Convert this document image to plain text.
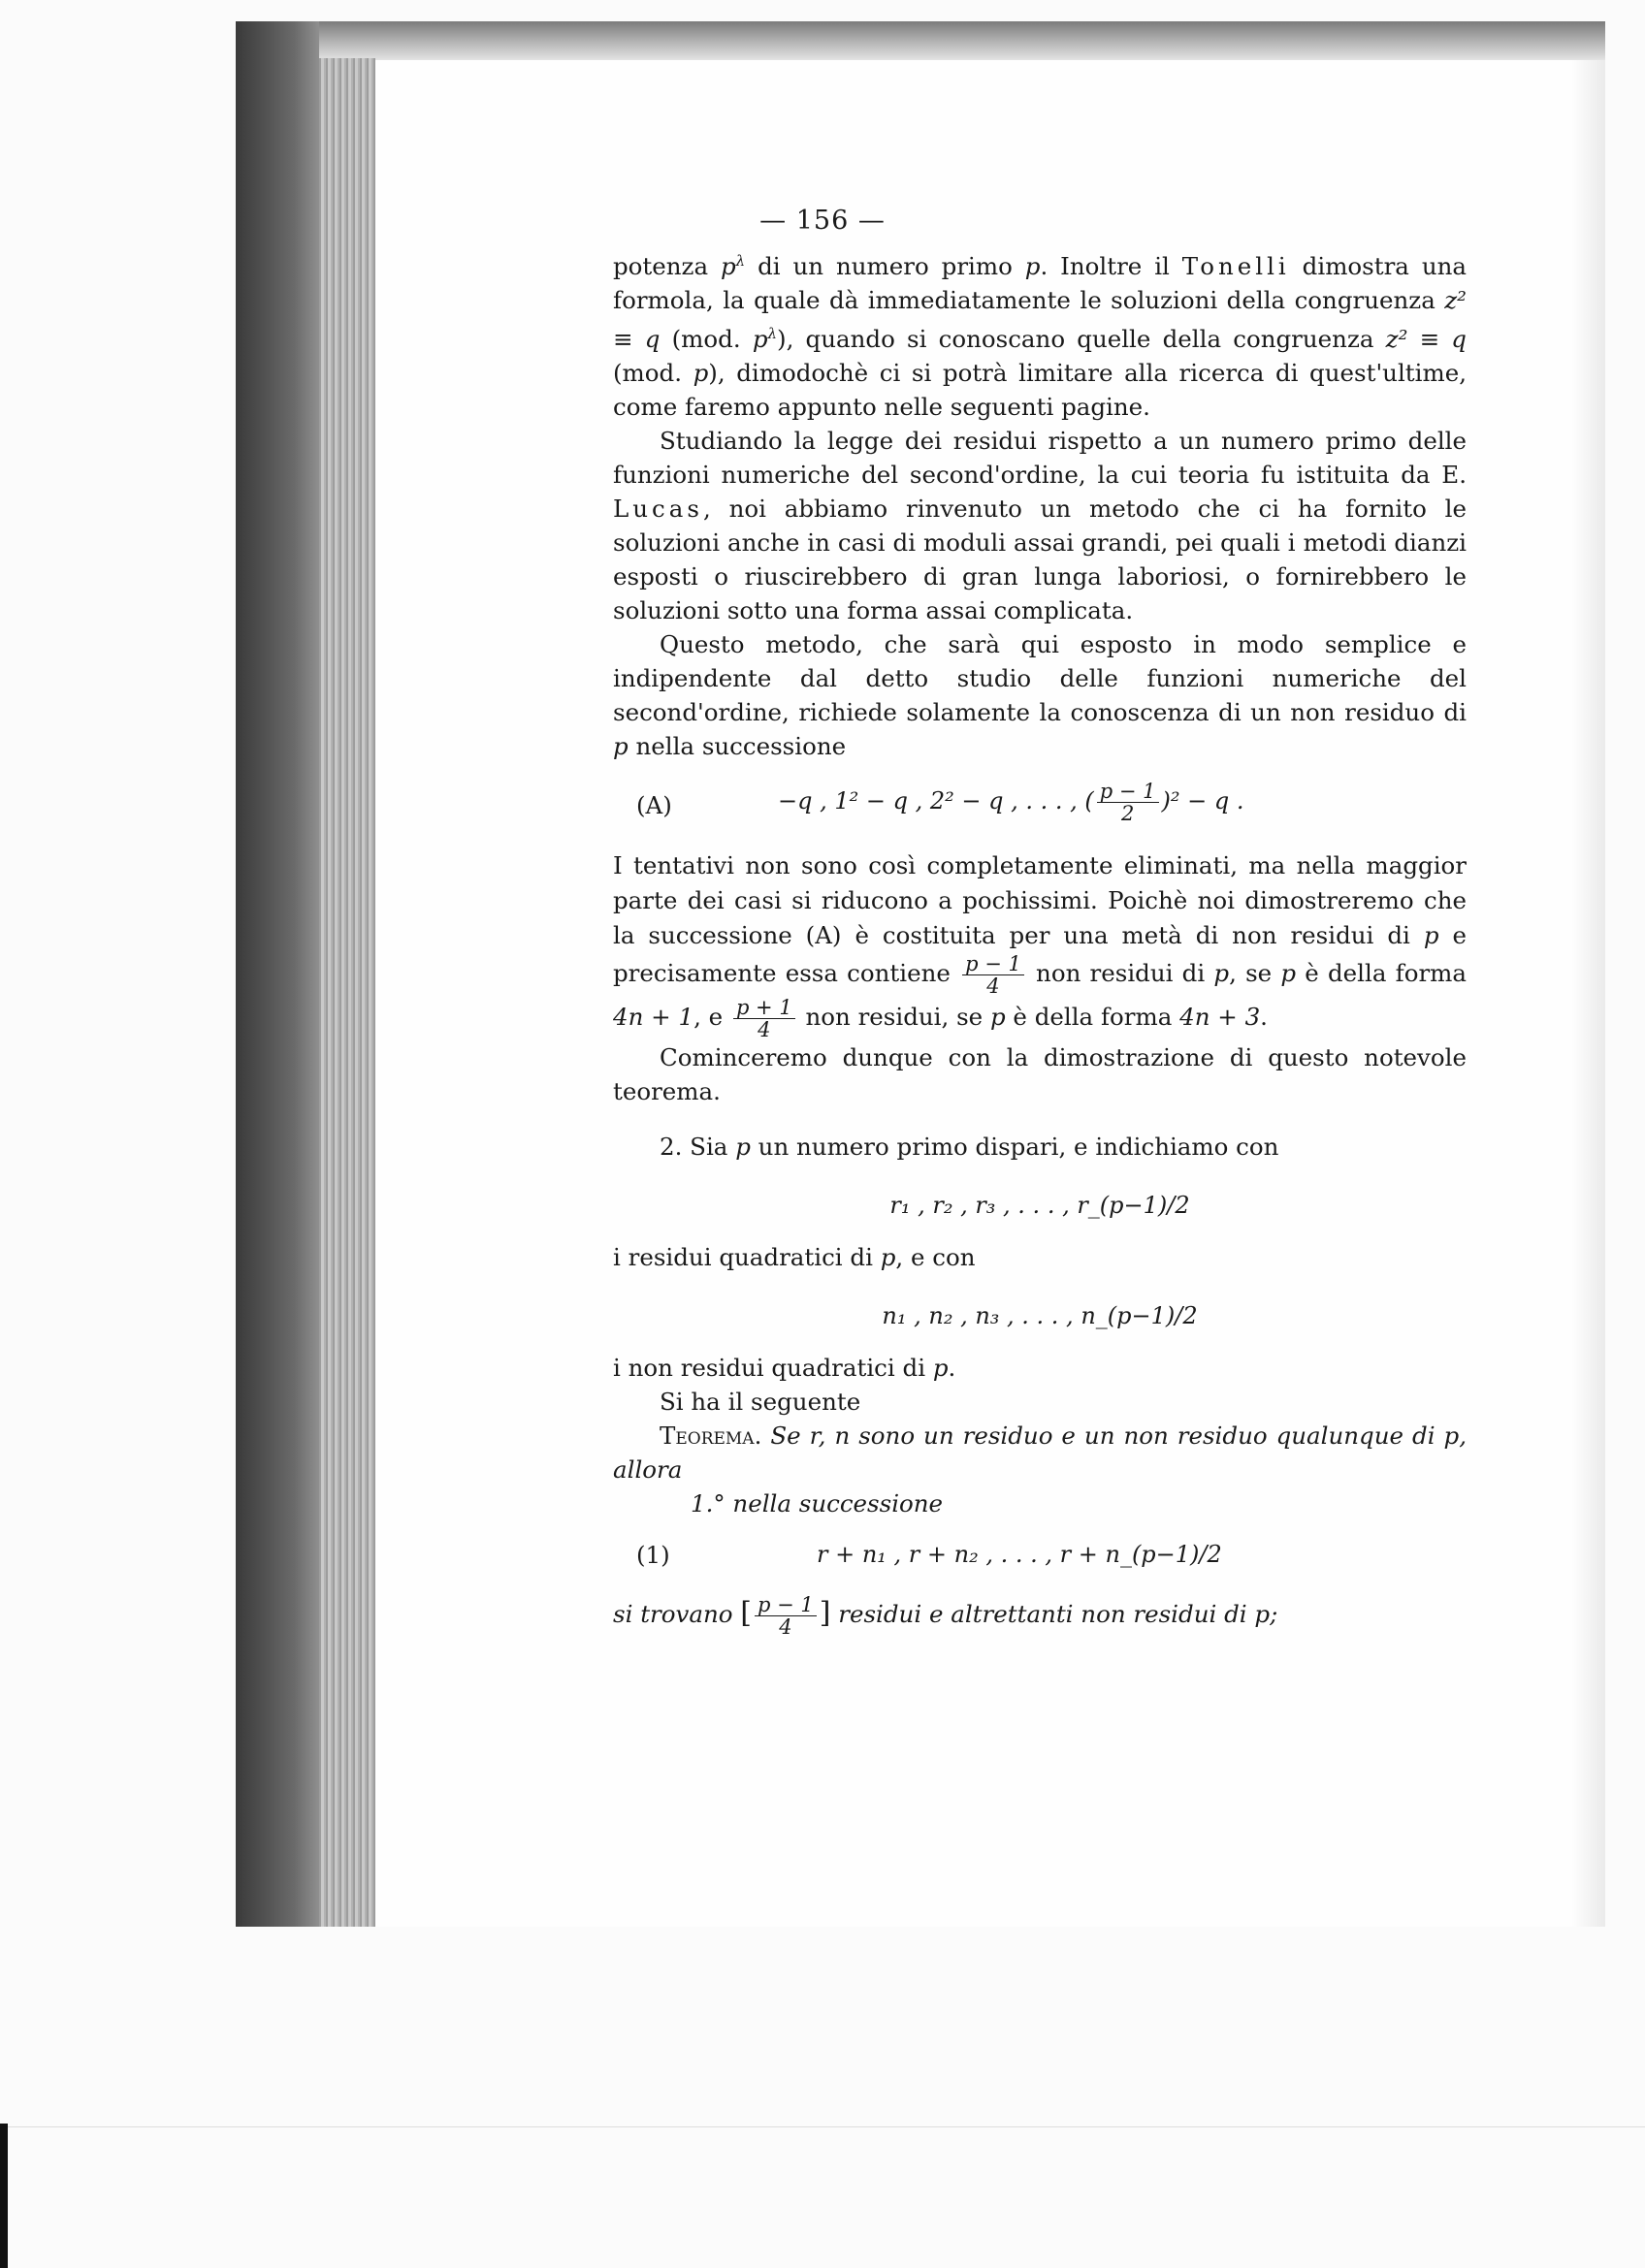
— 156 —

potenza $p^\lambda$ di un numero primo p. Inoltre il Tonelli dimostra una formola, la quale dà immediatamente le soluzioni della congruenza z² ≡ q (mod. $p^\lambda$), quando si conoscano quelle della congruenza z² ≡ q (mod. p), dimodochè ci si potrà limitare alla ricerca di quest'ultime, come faremo appunto nelle seguenti pagine.

Studiando la legge dei residui rispetto a un numero primo delle funzioni numeriche del second'ordine, la cui teoria fu istituita da E. Lucas, noi abbiamo rinvenuto un metodo che ci ha fornito le soluzioni anche in casi di moduli assai grandi, pei quali i metodi dianzi esposti o riuscirebbero di gran lunga laboriosi, o fornirebbero le soluzioni sotto una forma assai complicata.

Questo metodo, che sarà qui esposto in modo semplice e indipendente dal detto studio delle funzioni numeriche del second'ordine, richiede solamente la conoscenza di un non residuo di p nella successione

(A)	−q , 1² − q , 2² − q , . . . , ( $\frac{p - 1}{2} )^2 - q$ .

I tentativi non sono così completamente eliminati, ma nella maggior parte dei casi si riducono a pochissimi. Poichè noi dimostreremo che la successione (A) è costituita per una metà di non residui di p e precisamente essa contiene $\frac{p - 1}{4}$ non residui di p, se p è della forma 4n + 1, e $\frac{p + 1}{4}$ non residui, se p è della forma 4n + 3.

Cominceremo dunque con la dimostrazione di questo notevole teorema.

2. Sia p un numero primo dispari, e indichiamo con

r₁ , r₂ , r₃ , . . . , r_(p−1)/2

i residui quadratici di p, e con

n₁ , n₂ , n₃ , . . . , n_(p−1)/2

i non residui quadratici di p.

Si ha il seguente

Teorema. Se r, n sono un residuo e un non residuo qualunque di p, allora

1.° nella successione

(1)	r + n₁ , r + n₂ , . . . , r + n_(p−1)/2

si trovano [ $\frac{p - 1}{4}$ ] residui e altrettanti non residui di p;
